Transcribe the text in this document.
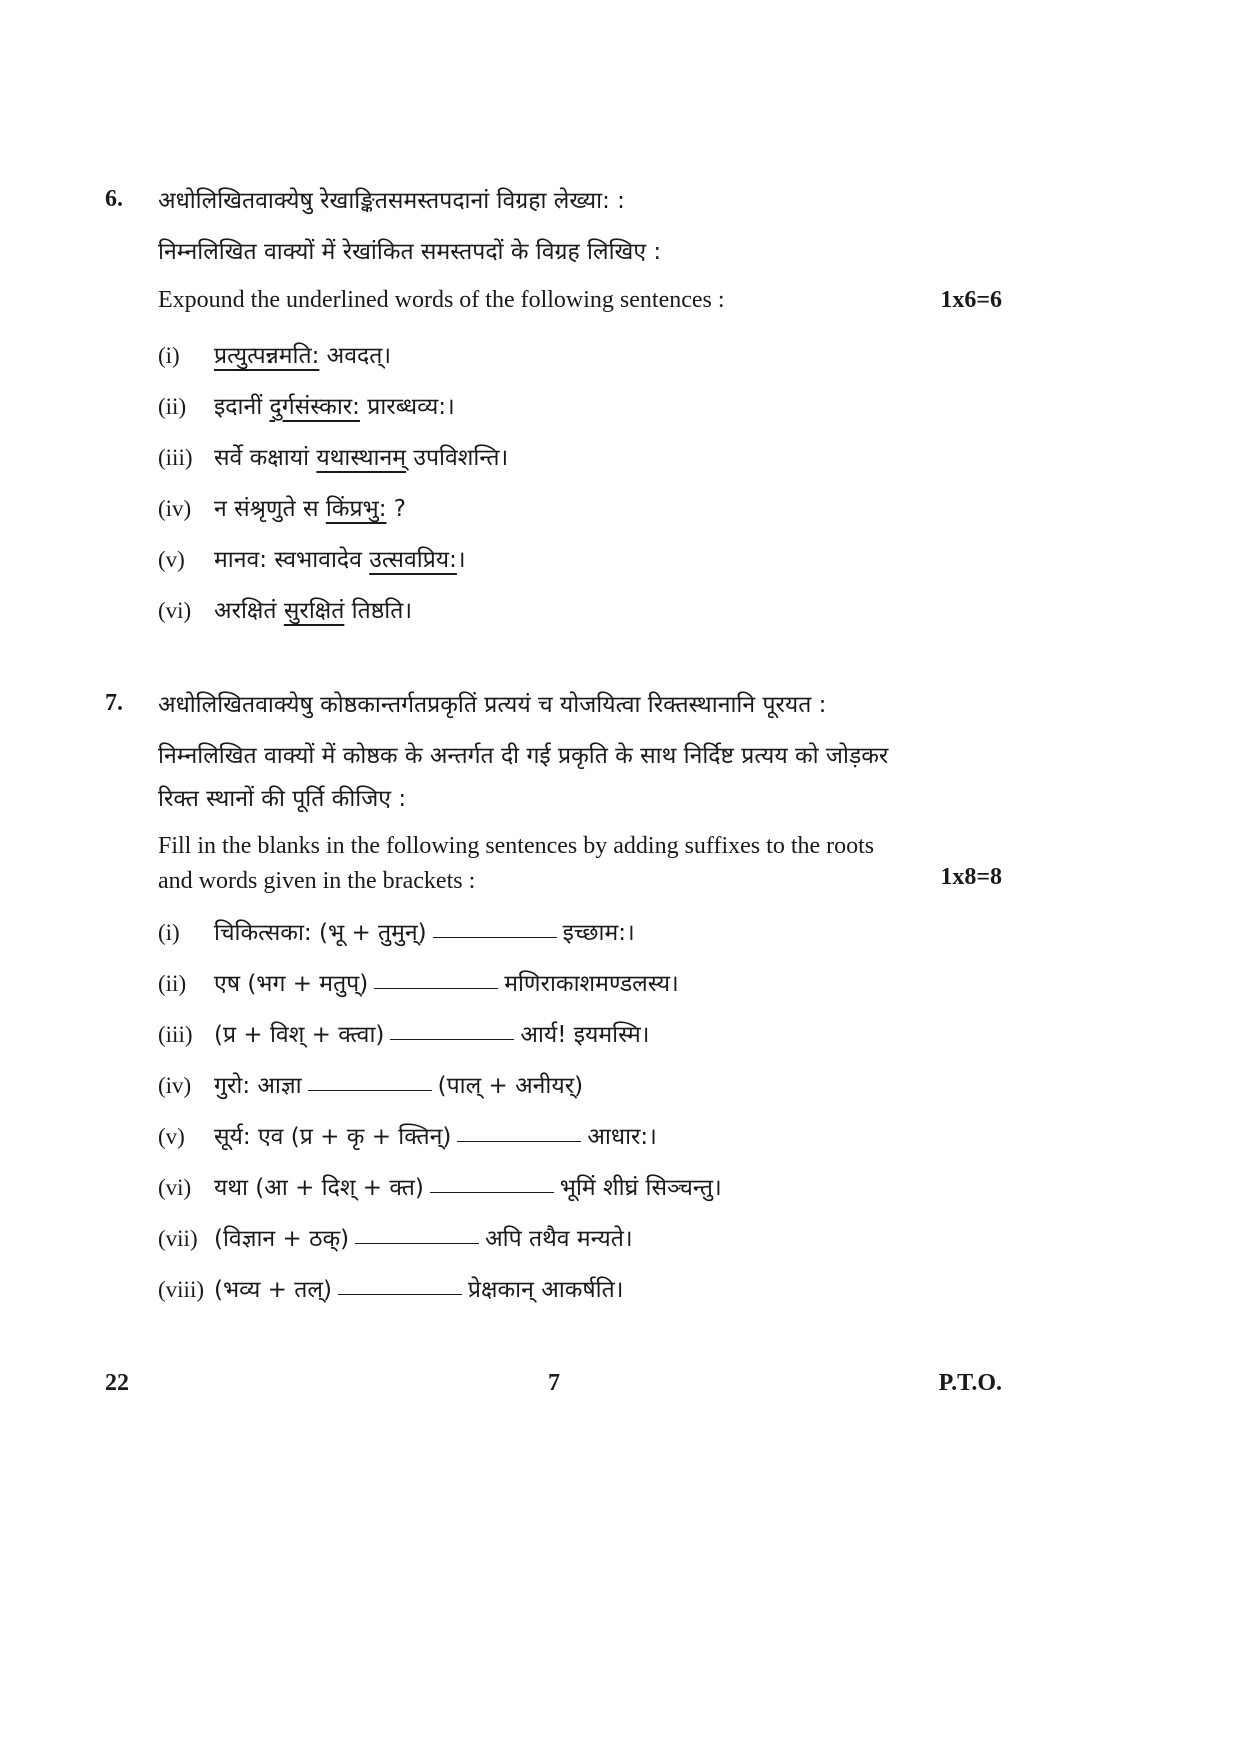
6. अधोलिखितवाक्येषु रेखाङ्कितसमस्तपदानां विग्रहा लेख्या: :
निम्नलिखित वाक्यों में रेखांकित समस्तपदों के विग्रह लिखिए :
Expound the underlined words of the following sentences :	1x6=6
(i) प्रत्युत्पन्नमति: अवदत्।
(ii) इदानीं दुर्गसंस्कार: प्रारब्धव्य:।
(iii) सर्वे कक्षायां यथास्थानम् उपविशन्ति।
(iv) न संश्रृणुते स किंप्रभु: ?
(v) मानव: स्वभावादेव उत्सवप्रिय:।
(vi) अरक्षितं सुरक्षितं तिष्ठति।
7. अधोलिखितवाक्येषु कोष्ठकान्तर्गतप्रकृतिं प्रत्ययं च योजयित्वा रिक्तस्थानानि पूरयत :
निम्नलिखित वाक्यों में कोष्ठक के अन्तर्गत दी गई प्रकृति के साथ निर्दिष्ट प्रत्यय को जोड़कर
रिक्त स्थानों की पूर्ति कीजिए :
Fill in the blanks in the following sentences by adding suffixes to the roots
and words given in the brackets :	1x8=8
(i) चिकित्सका: (भू + तुमुन्)	इच्छाम:।
(ii) एष (भग + मतुप्)	मणिराकाशमण्डलस्य।
(iii) (प्र + विश् + क्त्वा)	आर्य! इयमस्मि।
(iv) गुरो: आज्ञा	(पाल् + अनीयर्)
(v) सूर्य: एव (प्र + कृ + क्तिन्)	आधार:।
(vi) यथा (आ + दिश् + क्त)	भूमिं शीघ्रं सिञ्चन्तु।
(vii) (विज्ञान + ठक्)	अपि तथैव मन्यते।
(viii) (भव्य + तल्)	प्रेक्षकान् आकर्षति।
22	7	P.T.O.
